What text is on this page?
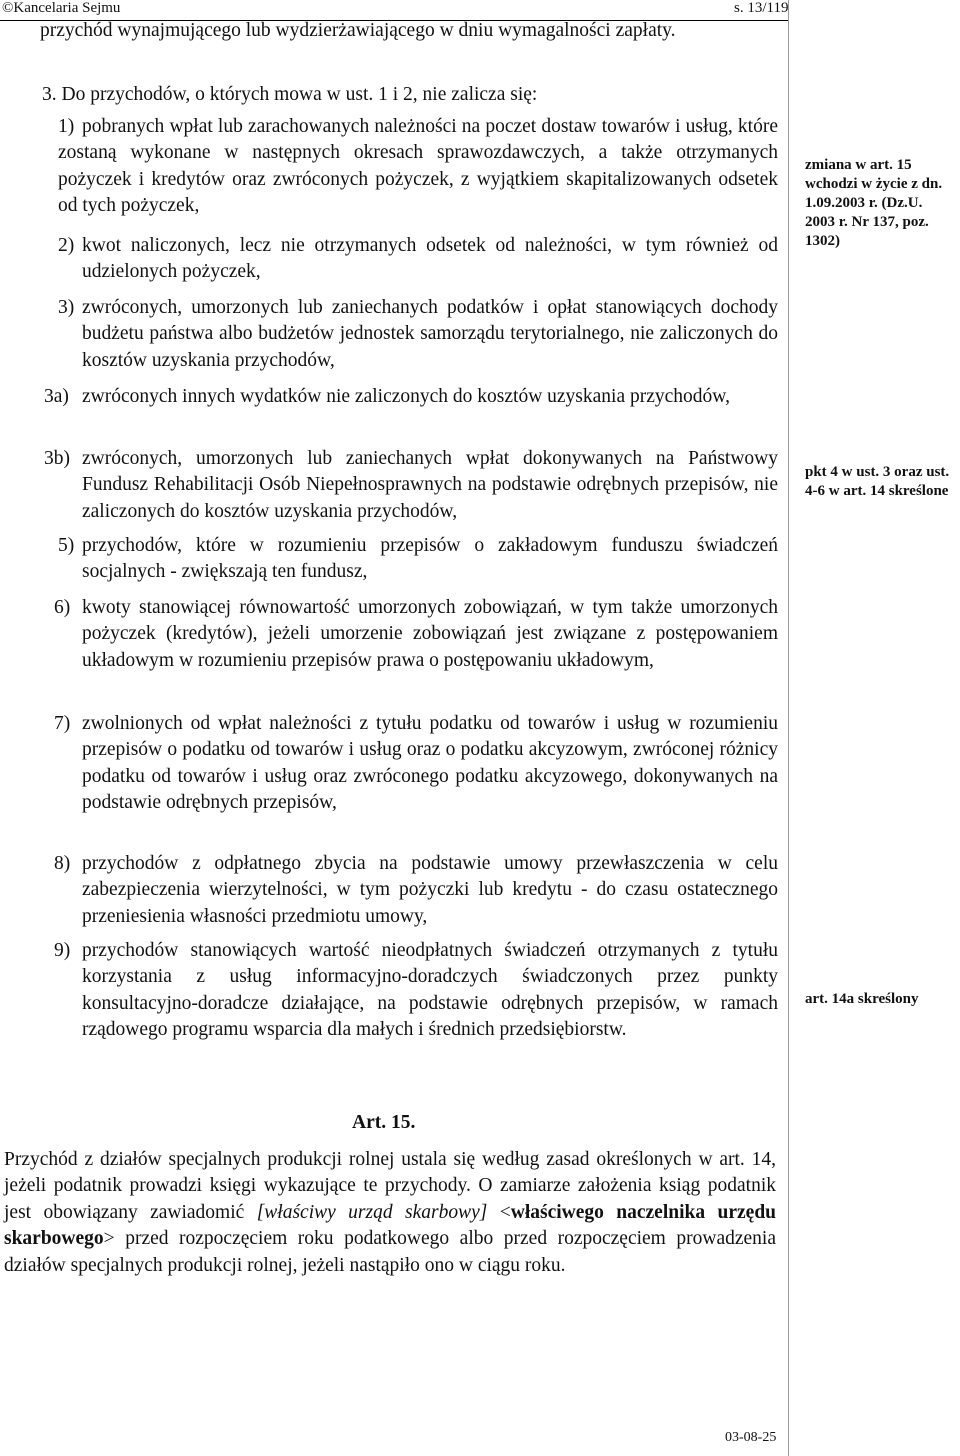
©Kancelaria Sejmu	s. 13/119
przychód wynajmującego lub wydzierżawiającego w dniu wymagalności zapłaty.
3. Do przychodów, o których mowa w ust. 1 i 2, nie zalicza się:
1) pobranych wpłat lub zarachowanych należności na poczet dostaw towarów i usług, które zostaną wykonane w następnych okresach sprawozdawczych, a także otrzymanych pożyczek i kredytów oraz zwróconych pożyczek, z wyjątkiem skapitalizowanych odsetek od tych pożyczek,
2) kwot naliczonych, lecz nie otrzymanych odsetek od należności, w tym również od udzielonych pożyczek,
3) zwróconych, umorzonych lub zaniechanych podatków i opłat stanowiących dochody budżetu państwa albo budżetów jednostek samorządu terytorialnego, nie zaliczonych do kosztów uzyskania przychodów,
3a) zwróconych innych wydatków nie zaliczonych do kosztów uzyskania przychodów,
3b) zwróconych, umorzonych lub zaniechanych wpłat dokonywanych na Państwowy Fundusz Rehabilitacji Osób Niepełnosprawnych na podstawie odrębnych przepisów, nie zaliczonych do kosztów uzyskania przychodów,
5) przychodów, które w rozumieniu przepisów o zakładowym funduszu świadczeń socjalnych - zwiększają ten fundusz,
6) kwoty stanowiącej równowartość umorzonych zobowiązań, w tym także umorzonych pożyczek (kredytów), jeżeli umorzenie zobowiązań jest związane z postępowaniem układowym w rozumieniu przepisów prawa o postępowaniu układowym,
7) zwolnionych od wpłat należności z tytułu podatku od towarów i usług w rozumieniu przepisów o podatku od towarów i usług oraz o podatku akcyzowym, zwróconej różnicy podatku od towarów i usług oraz zwróconego podatku akcyzowego, dokonywanych na podstawie odrębnych przepisów,
8) przychodów z odpłatnego zbycia na podstawie umowy przewłaszczenia w celu zabezpieczenia wierzytelności, w tym pożyczki lub kredytu - do czasu ostatecznego przeniesienia własności przedmiotu umowy,
9) przychodów stanowiących wartość nieodpłatnych świadczeń otrzymanych z tytułu korzystania z usług informacyjno-doradczych świadczonych przez punkty konsultacyjno-doradcze działające, na podstawie odrębnych przepisów, w ramach rządowego programu wsparcia dla małych i średnich przedsiębiorstw.
zmiana w art. 15 wchodzi w życie z dn. 1.09.2003 r. (Dz.U. 2003 r. Nr 137, poz. 1302)
pkt 4 w ust. 3 oraz ust. 4-6 w art. 14 skreślone
art. 14a skreślony
Art. 15.
Przychód z działów specjalnych produkcji rolnej ustala się według zasad określonych w art. 14, jeżeli podatnik prowadzi księgi wykazujące te przychody. O zamiarze założenia ksiąg podatnik jest obowiązany zawiadomić [właściwy urząd skarbowy] <właściwego naczelnika urzędu skarbowego> przed rozpoczęciem roku podatkowego albo przed rozpoczęciem prowadzenia działów specjalnych produkcji rolnej, jeżeli nastąpiło ono w ciągu roku.
03-08-25
